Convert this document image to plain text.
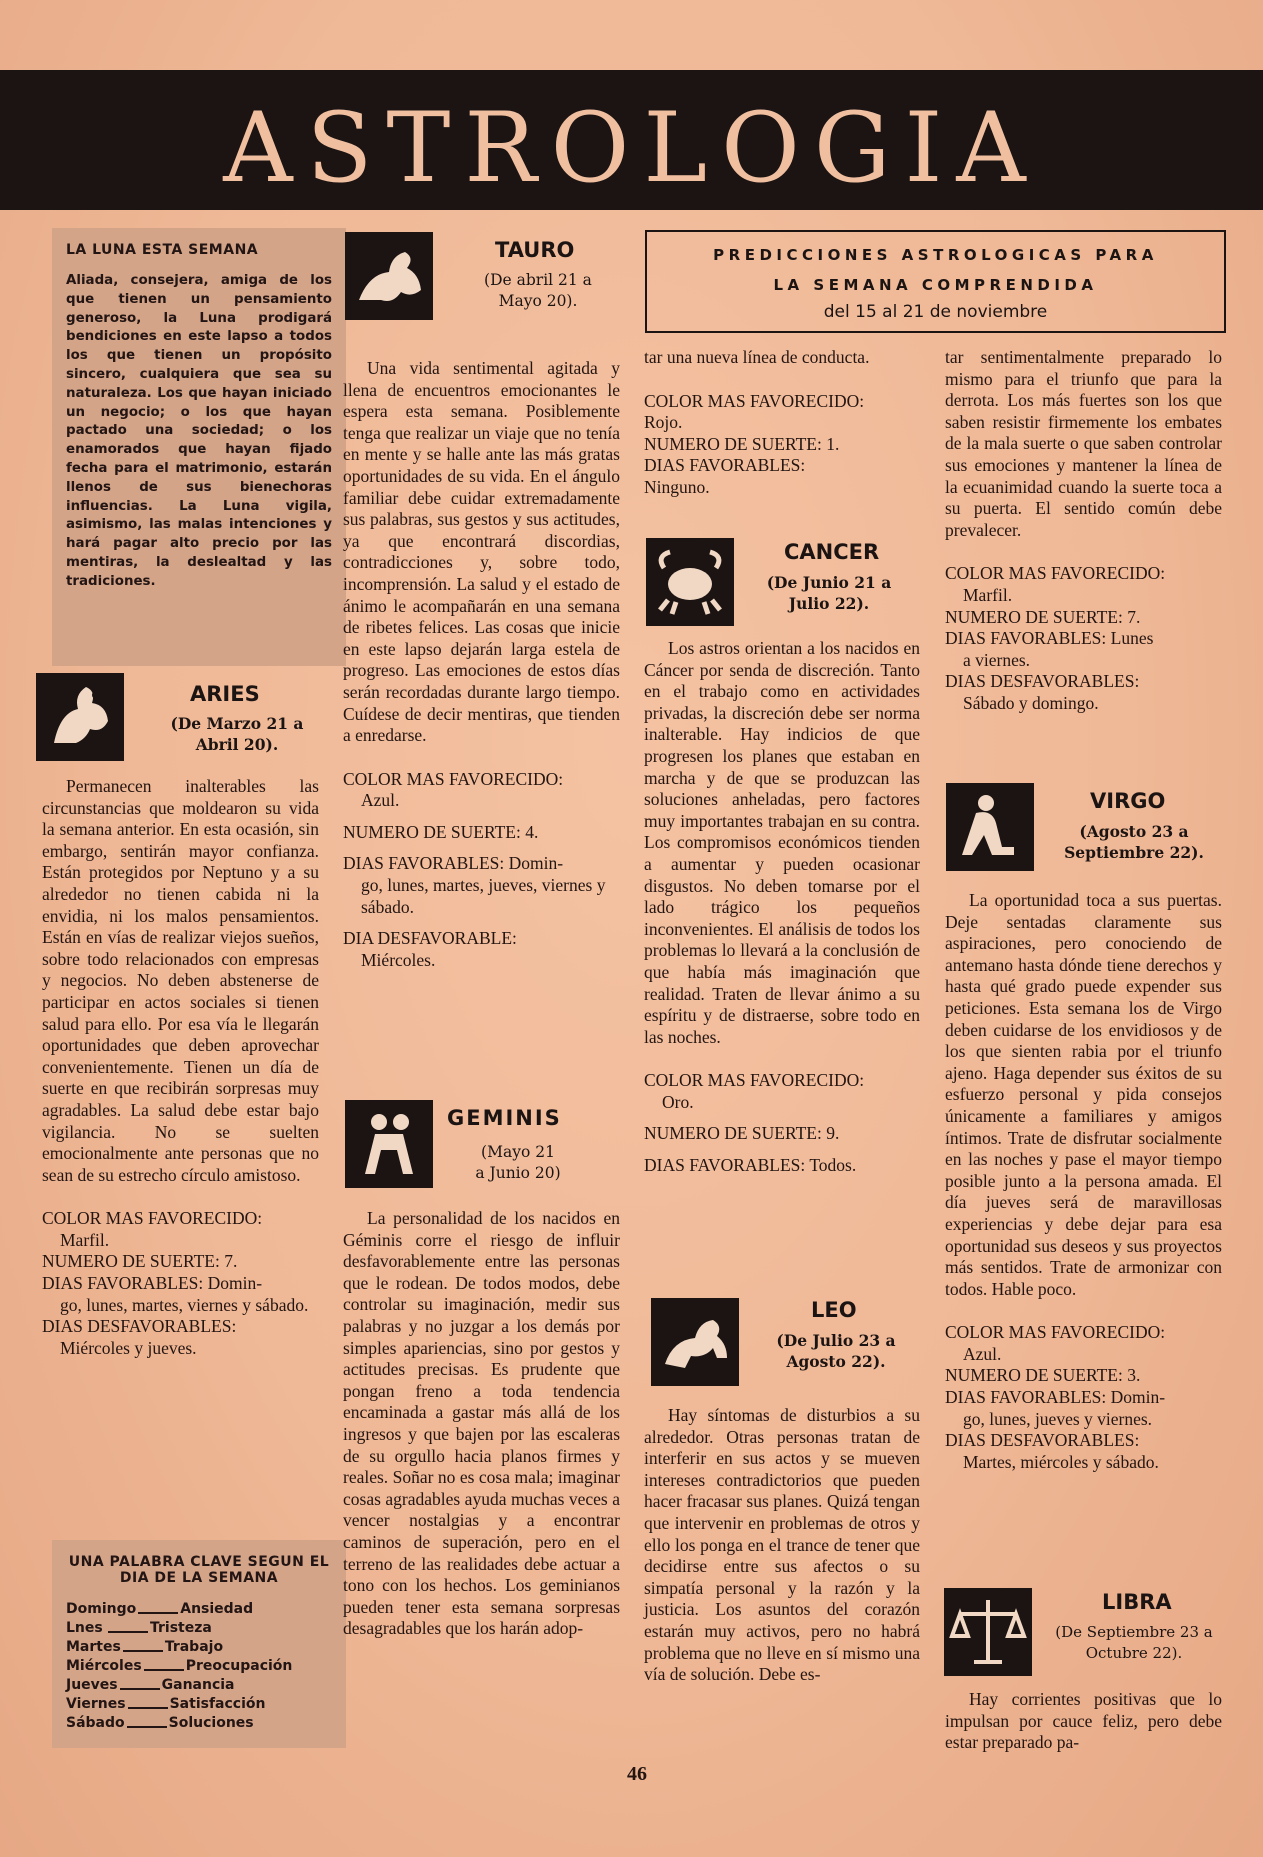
ASTROLOGIA
LA LUNA ESTA SEMANA
Aliada, consejera, amiga de los que tienen un pensamiento generoso, la Luna prodigará bendiciones en este lapso a todos los que tienen un propósito sincero, cualquiera que sea su naturaleza. Los que hayan iniciado un negocio; o los que hayan pactado una sociedad; o los enamorados que hayan fijado fecha para el matrimonio, estarán llenos de sus bienechoras influencias. La Luna vigila, asimismo, las malas intenciones y hará pagar alto precio por las mentiras, la deslealtad y las tradiciones.
ARIES
(De Marzo 21 a
Abril 20).

Permanecen inalterables las circunstancias que moldearon su vida la semana anterior. En esta ocasión, sin embargo, sentirán mayor confianza. Están protegidos por Neptuno y a su alrededor no tienen cabida ni la envidia, ni los malos pensamientos. Están en vías de realizar viejos sueños, sobre todo relacionados con empresas y negocios. No deben abstenerse de participar en actos sociales si tienen salud para ello. Por esa vía le llegarán oportunidades que deben aprovechar convenientemente. Tienen un día de suerte en que recibirán sorpresas muy agradables. La salud debe estar bajo vigilancia. No se suelten emocionalmente ante personas que no sean de su estrecho círculo amistoso.

COLOR MAS FAVORECIDO:
Marfil.
NUMERO DE SUERTE: 7.
DIAS FAVORABLES: Domin-
go, lunes, martes, viernes y sábado.
DIAS DESFAVORABLES:
Miércoles y jueves.
UNA PALABRA CLAVE SEGUN EL DIA DE LA SEMANA
Domingo	Ansiedad
Lnes	Tristeza
Martes	Trabajo
Miércoles	Preocupación
Jueves	Ganancia
Viernes	Satisfacción
Sábado	Soluciones
TAURO
(De abril 21 a
Mayo 20).

Una vida sentimental agitada y llena de encuentros emocionantes le espera esta semana. Posiblemente tenga que realizar un viaje que no tenía en mente y se halle ante las más gratas oportunidades de su vida. En el ángulo familiar debe cuidar extremadamente sus palabras, sus gestos y sus actitudes, ya que encontrará discordias, contradicciones y, sobre todo, incomprensión. La salud y el estado de ánimo le acompañarán en una semana de ribetes felices. Las cosas que inicie en este lapso dejarán larga estela de progreso. Las emociones de estos días serán recordadas durante largo tiempo. Cuídese de decir mentiras, que tienden a enredarse.

COLOR MAS FAVORECIDO:
Azul.
NUMERO DE SUERTE: 4.
DIAS FAVORABLES: Domin-
go, lunes, martes, jueves, viernes y sábado.
DIA DESFAVORABLE:
Miércoles.
GEMINIS
(Mayo 21
a Junio 20)

La personalidad de los nacidos en Géminis corre el riesgo de influir desfavorablemente entre las personas que le rodean. De todos modos, debe controlar su imaginación, medir sus palabras y no juzgar a los demás por simples apariencias, sino por gestos y actitudes precisas. Es prudente que pongan freno a toda tendencia encaminada a gastar más allá de los ingresos y que bajen por las escaleras de su orgullo hacia planos firmes y reales. Soñar no es cosa mala; imaginar cosas agradables ayuda muchas veces a vencer nostalgias y a encontrar caminos de superación, pero en el terreno de las realidades debe actuar a tono con los hechos. Los geminianos pueden tener esta semana sorpresas desagradables que los harán adop-

PREDICCIONES ASTROLOGICAS PARA
LA SEMANA COMPRENDIDA
del 15 al 21 de noviembre

tar una nueva línea de conducta.

COLOR MAS FAVORECIDO:
Rojo.
NUMERO DE SUERTE: 1.
DIAS FAVORABLES:
Ninguno.
CANCER
(De Junio 21 a
Julio 22).

Los astros orientan a los nacidos en Cáncer por senda de discreción. Tanto en el trabajo como en actividades privadas, la discreción debe ser norma inalterable. Hay indicios de que progresen los planes que estaban en marcha y de que se produzcan las soluciones anheladas, pero factores muy importantes trabajan en su contra. Los compromisos económicos tienden a aumentar y pueden ocasionar disgustos. No deben tomarse por el lado trágico los pequeños inconvenientes. El análisis de todos los problemas lo llevará a la conclusión de que había más imaginación que realidad. Traten de llevar ánimo a su espíritu y de distraerse, sobre todo en las noches.

COLOR MAS FAVORECIDO:
Oro.
NUMERO DE SUERTE: 9.
DIAS FAVORABLES: Todos.
LEO
(De Julio 23 a
Agosto 22).

Hay síntomas de disturbios a su alrededor. Otras personas tratan de interferir en sus actos y se mueven intereses contradictorios que pueden hacer fracasar sus planes. Quizá tengan que intervenir en problemas de otros y ello los ponga en el trance de tener que decidirse entre sus afectos o su simpatía personal y la razón y la justicia. Los asuntos del corazón estarán muy activos, pero no habrá problema que no lleve en sí mismo una vía de solución. Debe es-

tar sentimentalmente preparado lo mismo para el triunfo que para la derrota. Los más fuertes son los que saben resistir firmemente los embates de la mala suerte o que saben controlar sus emociones y mantener la línea de la ecuanimidad cuando la suerte toca a su puerta. El sentido común debe prevalecer.

COLOR MAS FAVORECIDO:
Marfil.
NUMERO DE SUERTE: 7.
DIAS FAVORABLES: Lunes
a viernes.
DIAS DESFAVORABLES:
Sábado y domingo.
VIRGO
(Agosto 23 a
Septiembre 22).

La oportunidad toca a sus puertas. Deje sentadas claramente sus aspiraciones, pero conociendo de antemano hasta dónde tiene derechos y hasta qué grado puede expender sus peticiones. Esta semana los de Virgo deben cuidarse de los envidiosos y de los que sienten rabia por el triunfo ajeno. Haga depender sus éxitos de su esfuerzo personal y pida consejos únicamente a familiares y amigos íntimos. Trate de disfrutar socialmente en las noches y pase el mayor tiempo posible junto a la persona amada. El día jueves será de maravillosas experiencias y debe dejar para esa oportunidad sus deseos y sus proyectos más sentidos. Trate de armonizar con todos. Hable poco.

COLOR MAS FAVORECIDO:
Azul.
NUMERO DE SUERTE: 3.
DIAS FAVORABLES: Domin-
go, lunes, jueves y viernes.
DIAS DESFAVORABLES:
Martes, miércoles y sábado.
LIBRA
(De Septiembre 23 a
Octubre 22).

Hay corrientes positivas que lo impulsan por cauce feliz, pero debe estar preparado pa-

46
